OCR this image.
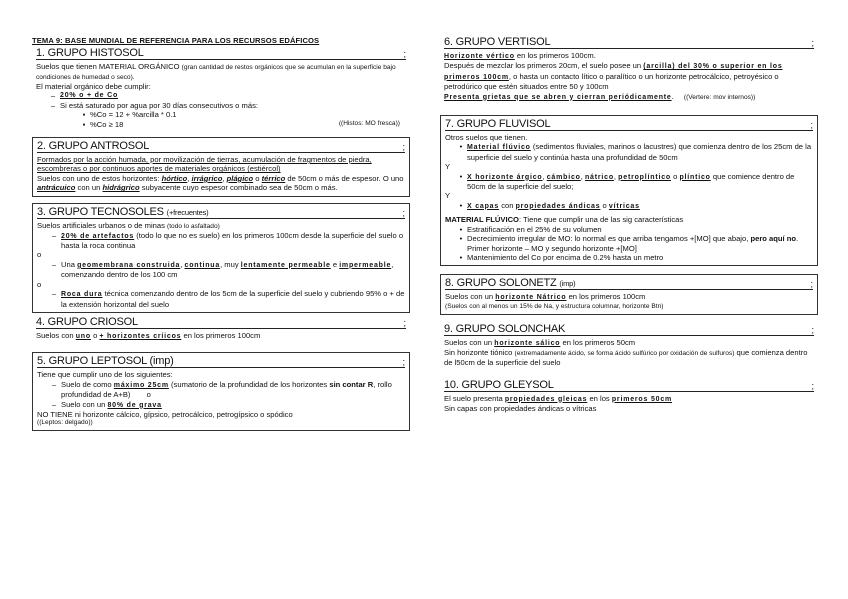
TEMA 9: BASE MUNDIAL DE REFERENCIA PARA LOS RECURSOS EDÁFICOS

1. GRUPO HISTOSOL	;

Suelos que tienen MATERIAL ORGÁNICO (gran cantidad de restos orgánicos que se acumulan en la superficie bajo condiciones de humedad o seco).

El material orgánico debe cumplir:

– 20% o + de Co
– Si está saturado por agua por 30 días consecutivos o más:
▪ %Co = 12 + %arcilla * 0.1
▪ %Co ≥ 18	((Histos: MO fresca))
2. GRUPO ANTROSOL	;

Formados por la acción humada, por movilización de tierras, acumulación de fragmentos de piedra, escombreras o por continuos aportes de materiales orgánicos (estiércol)

Suelos con uno de estos horizontes: hórtico, irrágrico, plágico o térrico de 50cm o más de espesor. O uno antrácuico con un hidrágrico subyacente cuyo espesor combinado sea de 50cm o más.

3. GRUPO TECNOSOLES (+frecuentes)	;

Suelos artificiales urbanos o de minas (todo lo asfaltado)

– 20% de artefactos (todo lo que no es suelo) en los primeros 100cm desde la superficie del suelo o hasta la roca continua

o

– Una geomembrana construida, continua, muy lentamente permeable e impermeable, comenzando dentro de los 100 cm

o

– Roca dura técnica comenzando dentro de los 5cm de la superficie del suelo y cubriendo 95% o + de la extensión horizontal del suelo
4. GRUPO CRIOSOL	;

Suelos con uno o + horizontes críicos en los primeros 100cm

5. GRUPO LEPTOSOL (imp)	;

Tiene que cumplir uno de los siguientes:

– Suelo de como máximo 25cm (sumatorio de la profundidad de los horizontes sin contar R, rollo profundidad de A+B) o
– Suelo con un 80% de grava

NO TIENE ni horizonte cálcico, gípsico, petrocálcico, petrogípsico o spódico

((Leptos: delgado))

6. GRUPO VERTISOL	;

Horizonte vértico en los primeros 100cm.

Después de mezclar los primeros 20cm, el suelo posee un (arcilla) del 30% o superior en los primeros 100cm, o hasta un contacto lítico o paralítico o un horizonte petrocálcico, petroyésico o petrodúrico que estén situados entre 50 y 100cm

Presenta grietas que se abren y cierran periódicamente. ((Vertere: mov internos))

7. GRUPO FLUVISOL	;

Otros suelos que tienen.

• Material flúvico (sedimentos fluviales, marinos o lacustres) que comienza dentro de los 25cm de la superficie del suelo y continúa hasta una profundidad de 50cm

Y

• X horizonte árgico, cámbico, nátrico, petroplíntico o plíntico que comience dentro de 50cm de la superficie del suelo;

Y

• X capas con propiedades ándicas o vítricas

MATERIAL FLÚVICO: Tiene que cumplir una de las sig características

• Estratificación en el 25% de su volumen
• Decrecimiento irregular de MO: lo normal es que arriba tengamos +[MO] que abajo, pero aquí no. Primer horizonte – MO y segundo horizonte +[MO]
• Mantenimiento del Co por encima de 0.2% hasta un metro
8. GRUPO SOLONETZ (imp)	;

Suelos con un horizonte Nátrico en los primeros 100cm

(Suelos con al menos un 15% de Na, y estructura columnar, horizonte Btn)

9. GRUPO SOLONCHAK	;

Suelos con un horizonte sálico en los primeros 50cm

Sin horizonte tiónico (extremadamente ácido, se forma ácido sulfúrico por oxidación de sulfuros) que comienza dentro de l50cm de la superficie del suelo

10. GRUPO GLEYSOL	;

El suelo presenta propiedades gleicas en los primeros 50cm

Sin capas con propiedades ándicas o vítricas
